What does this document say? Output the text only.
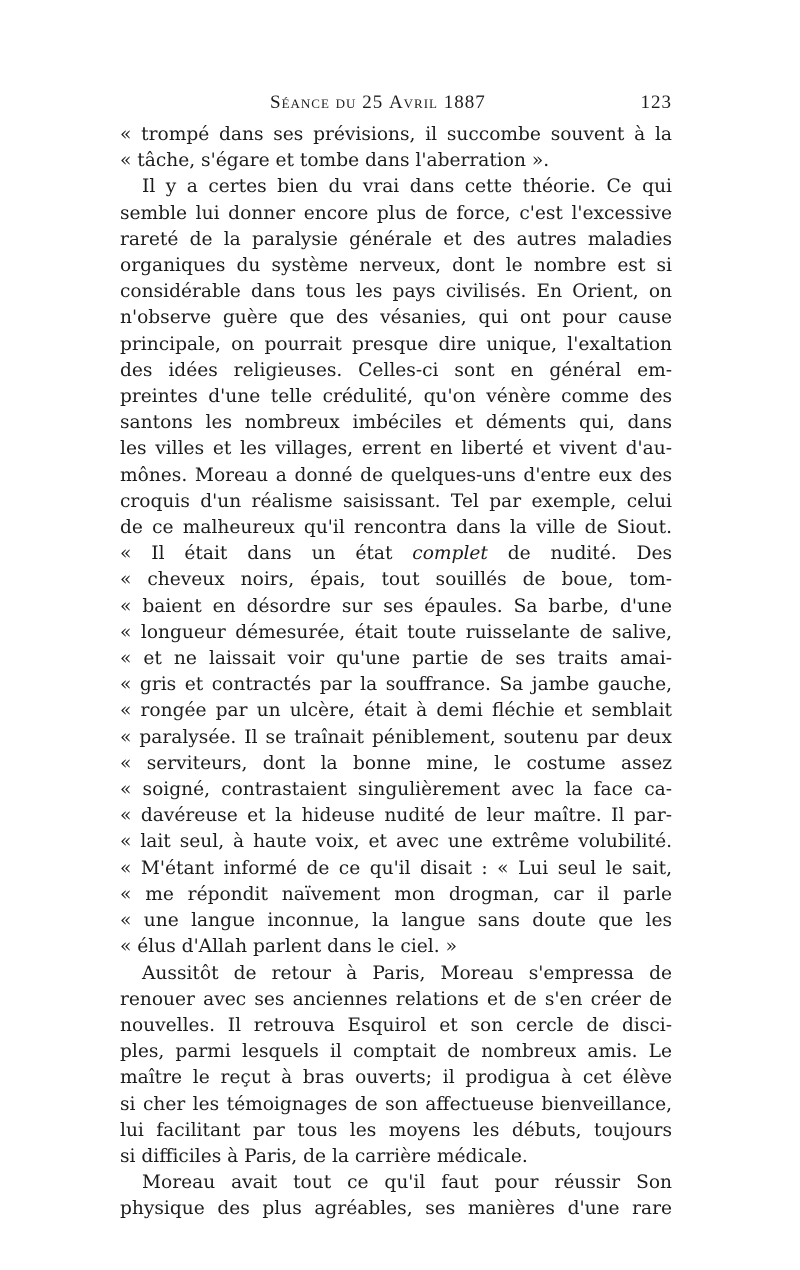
Séance du 25 Avril 1887	123
« trompé dans ses prévisions, il succombe souvent à la
« tâche, s'égare et tombe dans l'aberration ».
Il y a certes bien du vrai dans cette théorie. Ce qui
semble lui donner encore plus de force, c'est l'excessive
rareté de la paralysie générale et des autres maladies
organiques du système nerveux, dont le nombre est si
considérable dans tous les pays civilisés. En Orient, on
n'observe guère que des vésanies, qui ont pour cause
principale, on pourrait presque dire unique, l'exaltation
des idées religieuses. Celles-ci sont en général em-
preintes d'une telle crédulité, qu'on vénère comme des
santons les nombreux imbéciles et déments qui, dans
les villes et les villages, errent en liberté et vivent d'au-
mônes. Moreau a donné de quelques-uns d'entre eux des
croquis d'un réalisme saisissant. Tel par exemple, celui
de ce malheureux qu'il rencontra dans la ville de Siout.
« Il était dans un état complet de nudité. Des
« cheveux noirs, épais, tout souillés de boue, tom-
« baient en désordre sur ses épaules. Sa barbe, d'une
« longueur démesurée, était toute ruisselante de salive,
« et ne laissait voir qu'une partie de ses traits amai-
« gris et contractés par la souffrance. Sa jambe gauche,
« rongée par un ulcère, était à demi fléchie et semblait
« paralysée. Il se traînait péniblement, soutenu par deux
« serviteurs, dont la bonne mine, le costume assez
« soigné, contrastaient singulièrement avec la face ca-
« davéreuse et la hideuse nudité de leur maître. Il par-
« lait seul, à haute voix, et avec une extrême volubilité.
« M'étant informé de ce qu'il disait : « Lui seul le sait,
« me répondit naïvement mon drogman, car il parle
« une langue inconnue, la langue sans doute que les
« élus d'Allah parlent dans le ciel. »
Aussitôt de retour à Paris, Moreau s'empressa de
renouer avec ses anciennes relations et de s'en créer de
nouvelles. Il retrouva Esquirol et son cercle de disci-
ples, parmi lesquels il comptait de nombreux amis. Le
maître le reçut à bras ouverts; il prodigua à cet élève
si cher les témoignages de son affectueuse bienveillance,
lui facilitant par tous les moyens les débuts, toujours
si difficiles à Paris, de la carrière médicale.
Moreau avait tout ce qu'il faut pour réussir Son
physique des plus agréables, ses manières d'une rare
